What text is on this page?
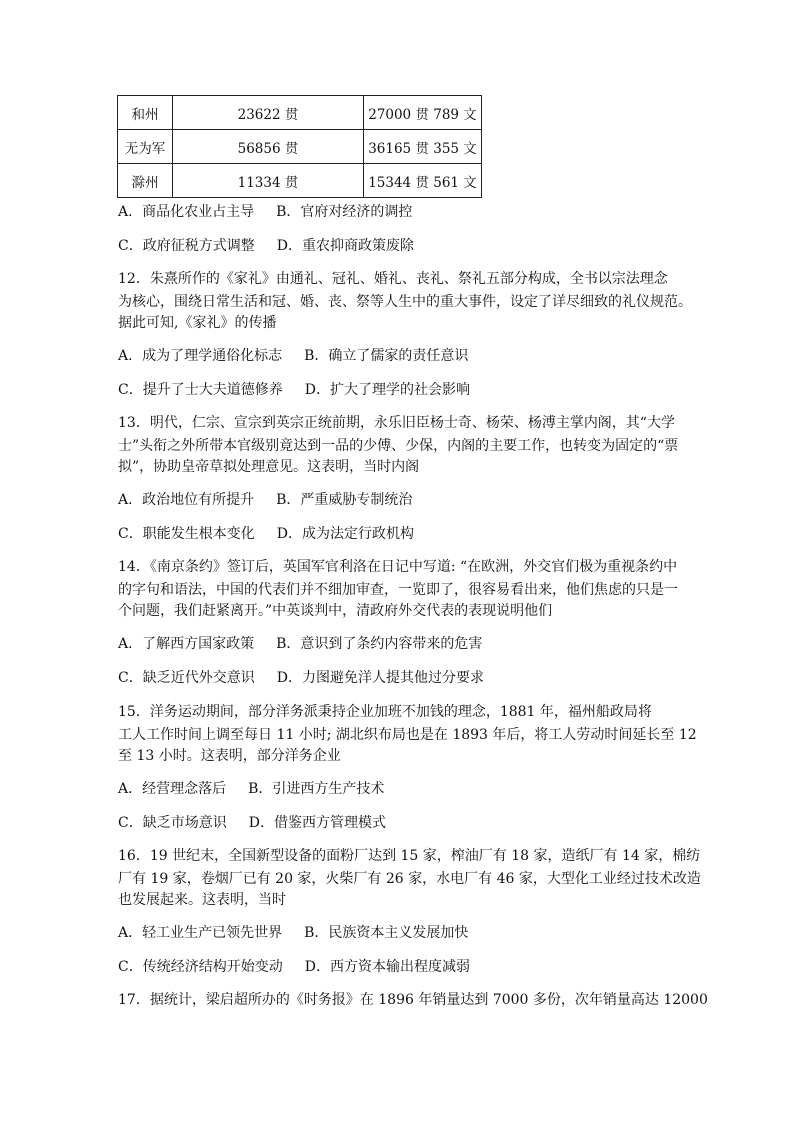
和州	23622 贯	27000 贯 789 文
无为军	56856 贯	36165 贯 355 文
滁州	11334 贯	15344 贯 561 文
A．商品化农业占主导 B．官府对经济的调控
C．政府征税方式调整 D．重农抑商政策废除
12．朱熹所作的《家礼》由通礼、冠礼、婚礼、丧礼、祭礼五部分构成，全书以宗法理念
为核心，围绕日常生活和冠、婚、丧、祭等人生中的重大事件，设定了详尽细致的礼仪规范。
据此可知,《家礼》的传播
A．成为了理学通俗化标志 B．确立了儒家的责任意识
C．提升了士大夫道德修养 D．扩大了理学的社会影响
13．明代，仁宗、宣宗到英宗正统前期，永乐旧臣杨士奇、杨荣、杨溥主掌内阁，其“大学
士”头衔之外所带本官级别竟达到一品的少傅、少保，内阁的主要工作，也转变为固定的“票
拟”，协助皇帝草拟处理意见。这表明，当时内阁
A．政治地位有所提升 B．严重威胁专制统治
C．职能发生根本变化 D．成为法定行政机构
14．《南京条约》签订后，英国军官利洛在日记中写道: “在欧洲，外交官们极为重视条约中
的字句和语法，中国的代表们并不细加审查，一览即了，很容易看出来，他们焦虑的只是一
个问题，我们赶紧离开。”中英谈判中，清政府外交代表的表现说明他们
A．了解西方国家政策 B．意识到了条约内容带来的危害
C．缺乏近代外交意识 D．力图避免洋人提其他过分要求
15．洋务运动期间，部分洋务派秉持企业加班不加钱的理念，1881 年，福州船政局将
工人工作时间上调至每日 11 小时; 湖北织布局也是在 1893 年后，将工人劳动时间延长至 12
至 13 小时。这表明，部分洋务企业
A．经营理念落后 B．引进西方生产技术
C．缺乏市场意识 D．借鉴西方管理模式
16．19 世纪末，全国新型设备的面粉厂达到 15 家，榨油厂有 18 家，造纸厂有 14 家，棉纺
厂有 19 家，卷烟厂已有 20 家，火柴厂有 26 家，水电厂有 46 家，大型化工业经过技术改造
也发展起来。这表明，当时
A．轻工业生产已领先世界 B．民族资本主义发展加快
C．传统经济结构开始变动 D．西方资本输出程度减弱
17．据统计，梁启超所办的《时务报》在 1896 年销量达到 7000 多份，次年销量高达 12000
